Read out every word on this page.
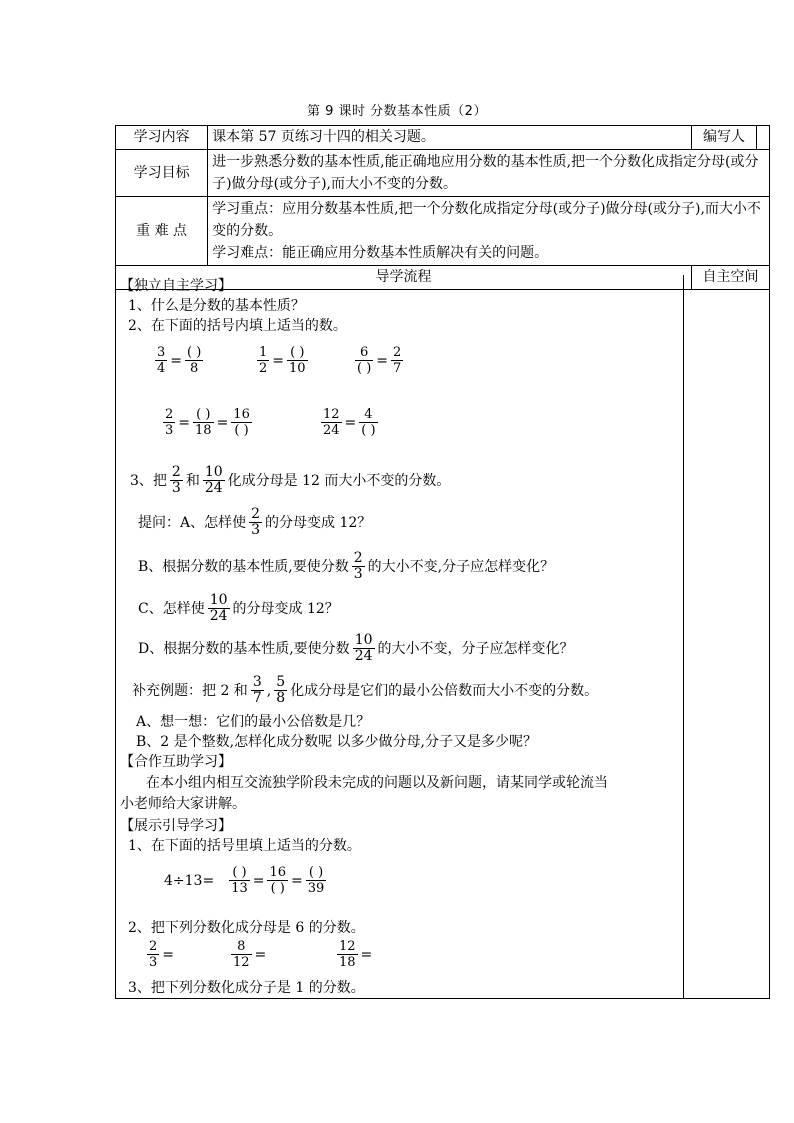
第 9 课时 分数基本性质（2）
学习内容	课本第 57 页练习十四的相关习题。	编写人	
学习目标	进一步熟悉分数的基本性质,能正确地应用分数的基本性质,把一个分数化成指定分母(或分子)做分母(或分子),而大小不变的分数。		
重 难 点	学习重点：应用分数基本性质,把一个分数化成指定分母(或分子)做分母(或分子),而大小不变的分数。
学习难点：能正确应用分数基本性质解决有关的问题。		

导学流程		自主空间	
【独立自主学习】
1、什么是分数的基本性质？
2、在下面的括号内填上适当的数。
$\frac{3}{4} = \frac{( )}{8}$	$\frac{1}{2} = \frac{( )}{10}$	$\frac{6}{( )} = \frac{2}{7}$
$\frac{2}{3} = \frac{( )}{18} = \frac{16}{( )}$	$\frac{12}{24} = \frac{4}{( )}$
3、把 $\frac{2}{3}$ 和 $\frac{10}{24}$ 化成分母是 12 而大小不变的分数。
提问：A、怎样使 $\frac{2}{3}$ 的分母变成 12？
B、根据分数的基本性质,要使分数 $\frac{2}{3}$ 的大小不变,分子应怎样变化？
C、怎样使 $\frac{10}{24}$ 的分母变成 12？
D、根据分数的基本性质,要使分数 $\frac{10}{24}$ 的大小不变，分子应怎样变化？
补充例题：把 2 和 $\frac{3}{7}$ , $\frac{5}{8}$ 化成分母是它们的最小公倍数而大小不变的分数。
A、想一想：它们的最小公倍数是几？
B、2 是个整数,怎样化成分数呢 以多少做分母,分子又是多少呢？
【合作互助学习】
在本小组内相互交流独学阶段未完成的问题以及新问题，请某同学或轮流当
小老师给大家讲解。
【展示引导学习】
1、在下面的括号里填上适当的分数。
$4\div 13= \frac{( )}{13} = \frac{16}{( )} = \frac{( )}{39}$
2、把下列分数化成分母是 6 的分数。
$\frac{2}{3}$ =	$\frac{8}{12}$ =	$\frac{12}{18}$ =
3、把下列分数化成分子是 1 的分数。
